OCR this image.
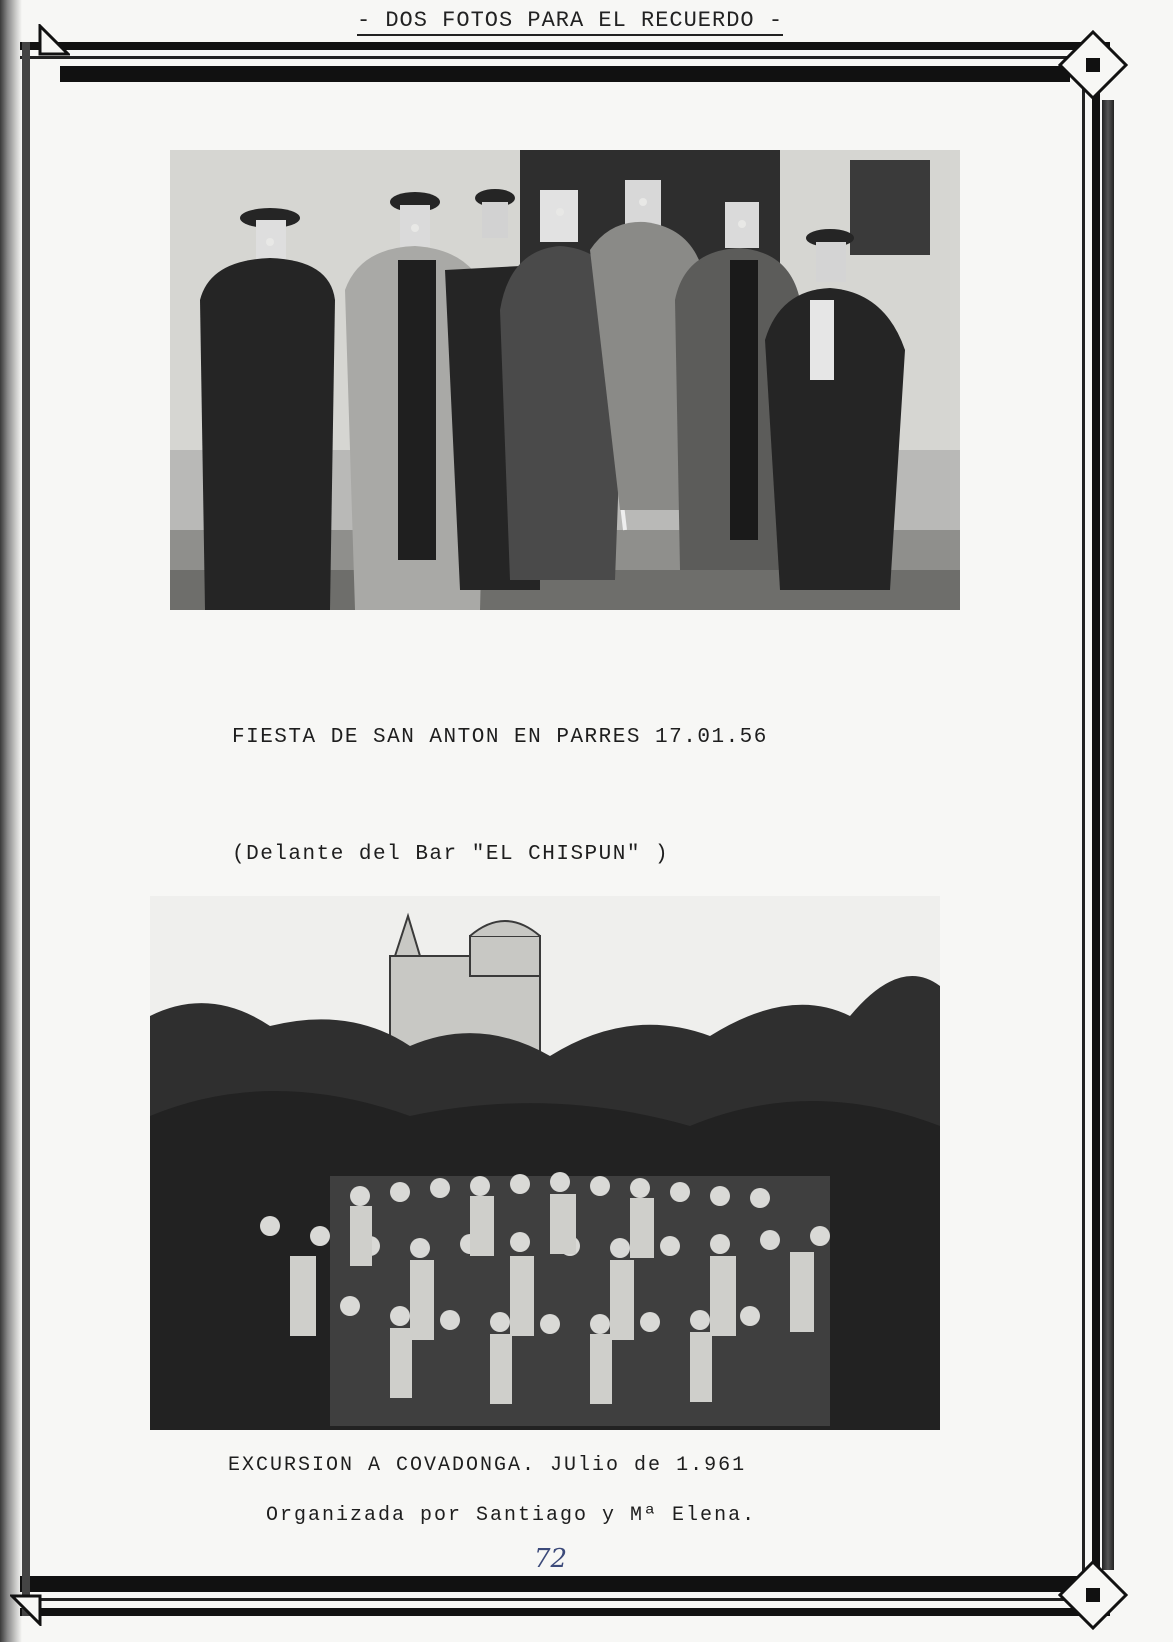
- DOS FOTOS PARA EL RECUERDO -

FIESTA DE SAN ANTON EN PARRES 17.01.56

(Delante del Bar "EL CHISPUN" )

EXCURSION A COVADONGA. JUlio de 1.961
Organizada por Santiago y Mª Elena.
72
